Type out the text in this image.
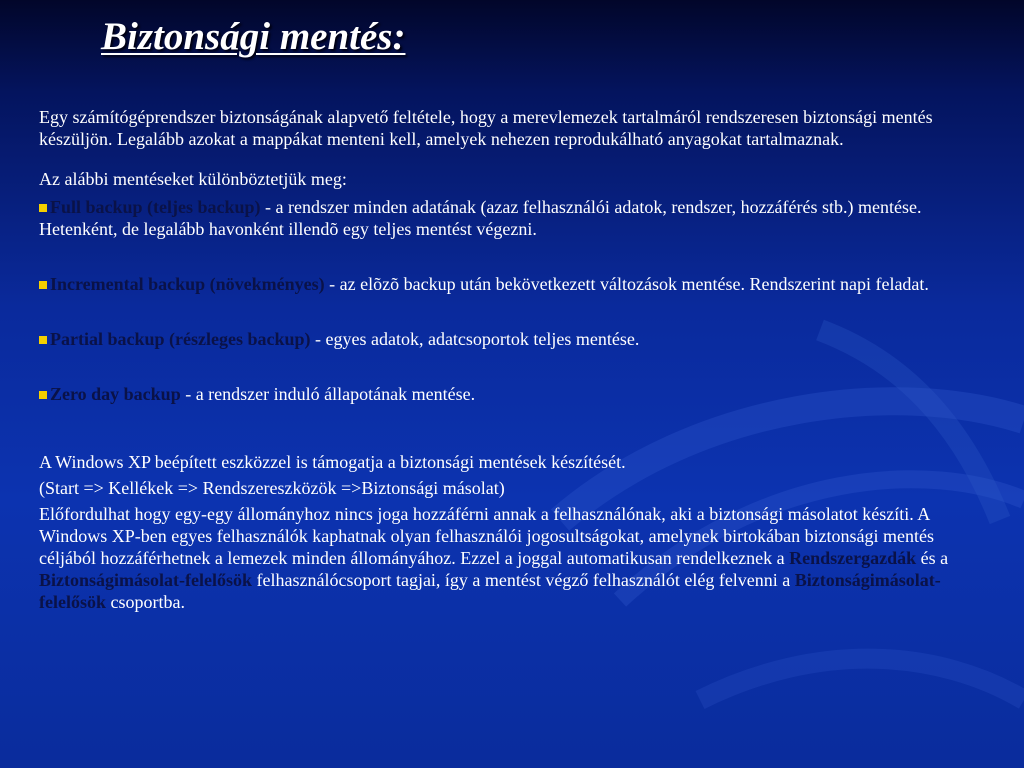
Biztonsági mentés:

Egy számítógéprendszer biztonságának alapvető feltétele, hogy a merevlemezek tartalmáról rendszeresen biztonsági mentés készüljön. Legalább azokat a mappákat menteni kell, amelyek nehezen reprodukálható anyagokat tartalmaznak.

Az alábbi mentéseket különböztetjük meg:

Full backup (teljes backup) - a rendszer minden adatának (azaz felhasználói adatok, rendszer, hozzáférés stb.) mentése. Hetenként, de legalább havonként illendõ egy teljes mentést végezni.

Incremental backup (növekményes) - az elõzõ backup után bekövetkezett változások mentése. Rendszerint napi feladat.

Partial backup (részleges backup) - egyes adatok, adatcsoportok teljes mentése.

Zero day backup - a rendszer induló állapotának mentése.

A Windows XP beépített eszközzel is támogatja a biztonsági mentések készítését.

(Start => Kellékek => Rendszereszközök =>Biztonsági másolat)

Előfordulhat hogy egy-egy állományhoz nincs joga hozzáférni annak a felhasználónak, aki a biztonsági másolatot készíti. A Windows XP-ben egyes felhasználók kaphatnak olyan felhasználói jogosultságokat, amelynek birtokában biztonsági mentés céljából hozzáférhetnek a lemezek minden állományához. Ezzel a joggal automatikusan rendelkeznek a Rendszergazdák és a Biztonságimásolat-felelősök felhasználócsoport tagjai, így a mentést végző felhasználót elég felvenni a Biztonságimásolat-felelősök csoportba.
